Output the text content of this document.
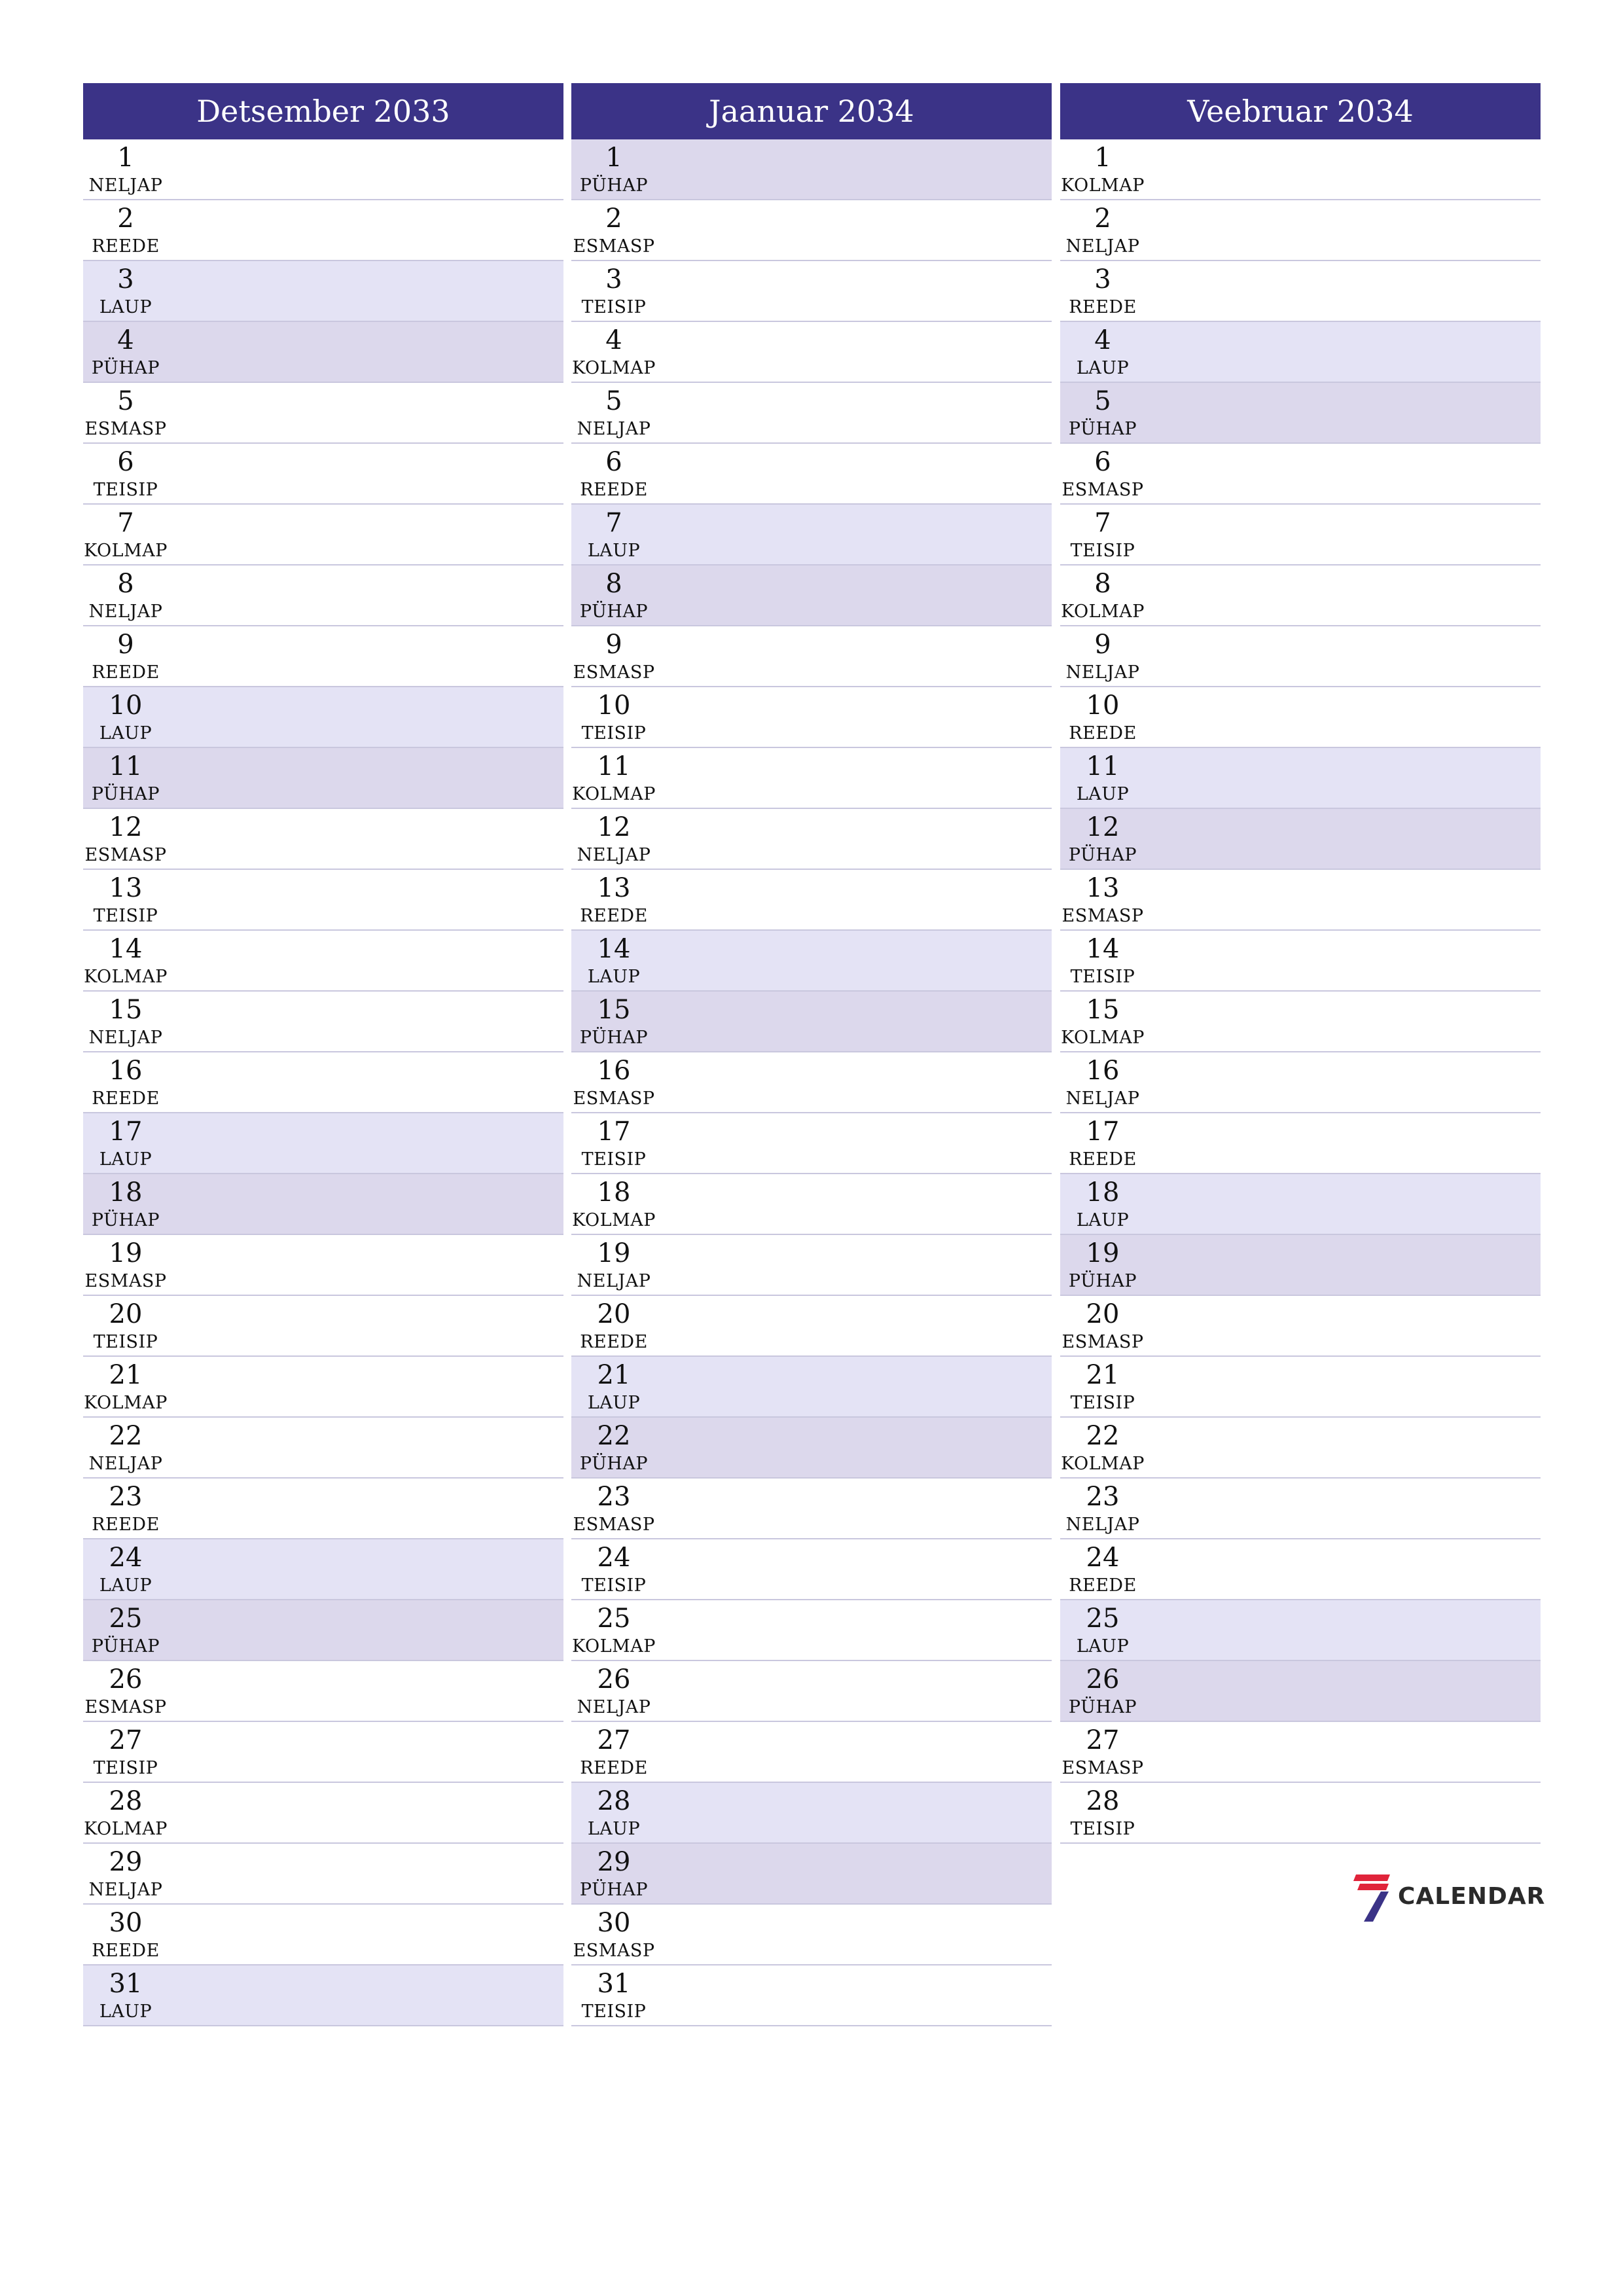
Detsember 2033
1
NELJAP
2
REEDE
3
LAUP
4
PÜHAP
5
ESMASP
6
TEISIP
7
KOLMAP
8
NELJAP
9
REEDE
10
LAUP
11
PÜHAP
12
ESMASP
13
TEISIP
14
KOLMAP
15
NELJAP
16
REEDE
17
LAUP
18
PÜHAP
19
ESMASP
20
TEISIP
21
KOLMAP
22
NELJAP
23
REEDE
24
LAUP
25
PÜHAP
26
ESMASP
27
TEISIP
28
KOLMAP
29
NELJAP
30
REEDE
31
LAUP
Jaanuar 2034
1
PÜHAP
2
ESMASP
3
TEISIP
4
KOLMAP
5
NELJAP
6
REEDE
7
LAUP
8
PÜHAP
9
ESMASP
10
TEISIP
11
KOLMAP
12
NELJAP
13
REEDE
14
LAUP
15
PÜHAP
16
ESMASP
17
TEISIP
18
KOLMAP
19
NELJAP
20
REEDE
21
LAUP
22
PÜHAP
23
ESMASP
24
TEISIP
25
KOLMAP
26
NELJAP
27
REEDE
28
LAUP
29
PÜHAP
30
ESMASP
31
TEISIP
Veebruar 2034
1
KOLMAP
2
NELJAP
3
REEDE
4
LAUP
5
PÜHAP
6
ESMASP
7
TEISIP
8
KOLMAP
9
NELJAP
10
REEDE
11
LAUP
12
PÜHAP
13
ESMASP
14
TEISIP
15
KOLMAP
16
NELJAP
17
REEDE
18
LAUP
19
PÜHAP
20
ESMASP
21
TEISIP
22
KOLMAP
23
NELJAP
24
REEDE
25
LAUP
26
PÜHAP
27
ESMASP
28
TEISIP
CALENDAR
